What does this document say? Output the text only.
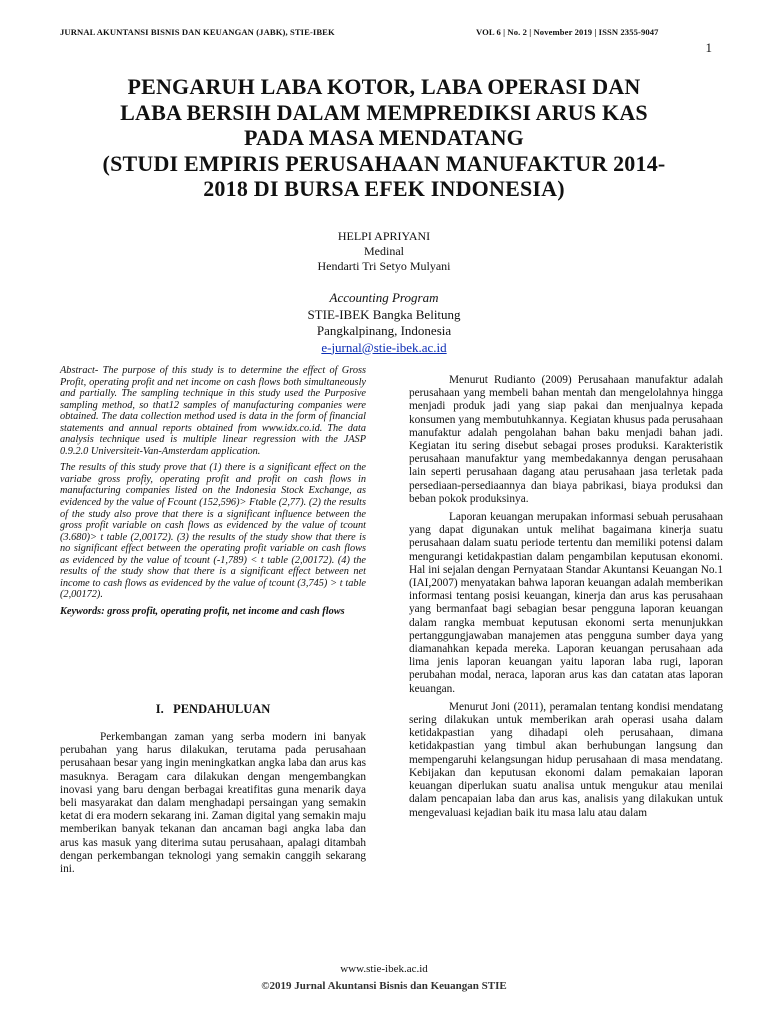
JURNAL AKUNTANSI BISNIS DAN KEUANGAN (JABK), STIE-IBEK	VOL 6 | No. 2 | November 2019 | ISSN 2355-9047
1
PENGARUH LABA KOTOR, LABA OPERASI DAN
LABA BERSIH DALAM MEMPREDIKSI ARUS KAS
PADA MASA MENDATANG
(STUDI EMPIRIS PERUSAHAAN MANUFAKTUR 2014-
2018 DI BURSA EFEK INDONESIA)
HELPI APRIYANI
Medinal
Hendarti Tri Setyo Mulyani
Accounting Program
STIE-IBEK Bangka Belitung
Pangkalpinang, Indonesia
e-jurnal@stie-ibek.ac.id

Abstract- The purpose of this study is to determine the effect of Gross Profit, operating profit and net income on cash flows both simultaneously and partially. The sampling technique in this study used the Purposive sampling method, so that12 samples of manufacturing companies were obtained. The data collection method used is data in the form of financial statements and annual reports obtained from www.idx.co.id. The data analysis technique used is multiple linear regression with the JASP 0.9.2.0 Universiteit-Van-Amsterdam application.

The results of this study prove that (1) there is a significant effect on the variabe gross profiy, operating profit and profit on cash flows in manufacturing companies listed on the Indonesia Stock Exchange, as evidenced by the value of Fcount (152,596)> Ftable (2,77). (2) the results of the study also prove that there is a significant influence between the gross profit variable on cash flows as evidenced by the value of tcount (3.680)> t table (2,00172). (3) the results of the study show that there is no significant effect between the operating profit variable on cash flows as evidenced by the value of tcount (-1,789) < t table (2,00172). (4) the results of the study show that there is a significant effect between net income to cash flows as evidenced by the value of tcount (3,745) > t table (2,00172).

Keywords: gross profit, operating profit, net income and cash flows

I.   PENDAHULUAN

Perkembangan zaman yang serba modern ini banyak perubahan yang harus dilakukan, terutama pada perusahaan perusahaan besar yang ingin meningkatkan angka laba dan arus kas masuknya. Beragam cara dilakukan dengan mengembangkan inovasi yang baru dengan berbagai kreatifitas guna menarik daya beli masyarakat dan dalam menghadapi persaingan yang semakin ketat di era modern sekarang ini. Zaman digital yang semakin maju memberikan banyak tekanan dan ancaman bagi angka laba dan arus kas masuk yang diterima sutau perusahaan, apalagi ditambah dengan perkembangan teknologi yang semakin canggih sekarang ini.

Menurut Rudianto (2009) Perusahaan manufaktur adalah perusahaan yang membeli bahan mentah dan mengelolahnya hingga menjadi produk jadi yang siap pakai dan menjualnya kepada konsumen yang membutuhkannya. Kegiatan khusus pada perusahaan manufaktur adalah pengolahan bahan baku menjadi bahan jadi. Kegiatan itu sering disebut sebagai proses produksi. Karakteristik perusahaan manufaktur yang membedakannya dengan perusahaan lain seperti perusahaan dagang atau perusahaan jasa terletak pada persediaan-persediaannya dan biaya pabrikasi, biaya produksi dan beban pokok produksinya.

Laporan keuangan merupakan informasi sebuah perusahaan yang dapat digunakan untuk melihat bagaimana kinerja suatu perusahaan dalam suatu periode tertentu dan memiliki potensi dalam mengurangi ketidakpastian dalam pengambilan keputusan ekonomi. Hal ini sejalan dengan Pernyataan Standar Akuntansi Keuangan No.1 (IAI,2007) menyatakan bahwa laporan keuangan adalah memberikan informasi tentang posisi keuangan, kinerja dan arus kas perusahaan yang bermanfaat bagi sebagian besar pengguna laporan keuangan dalam rangka membuat keputusan ekonomi serta menunjukkan pertanggungjawaban manajemen atas pengguna sumber daya yang diamanahkan kepada mereka. Laporan keuangan perusahaan ada lima jenis laporan keuangan yaitu laporan laba rugi, laporan perubahan modal, neraca, laporan arus kas dan catatan atas laporan keuangan.

Menurut Joni (2011), peramalan tentang kondisi mendatang sering dilakukan untuk memberikan arah operasi usaha dalam ketidakpastian yang dihadapi oleh perusahaan, dimana ketidakpastian yang timbul akan berhubungan langsung dan mempengaruhi kelangsungan hidup perusahaan di masa mendatang. Kebijakan dan keputusan ekonomi dalam pemakaian laporan keuangan diperlukan suatu analisa untuk mengukur atau menilai dalam pencapaian laba dan arus kas, analisis yang dilakukan untuk mengevaluasi kejadian baik itu masa lalu atau dalam

www.stie-ibek.ac.id
©2019 Jurnal Akuntansi Bisnis dan Keuangan STIE
